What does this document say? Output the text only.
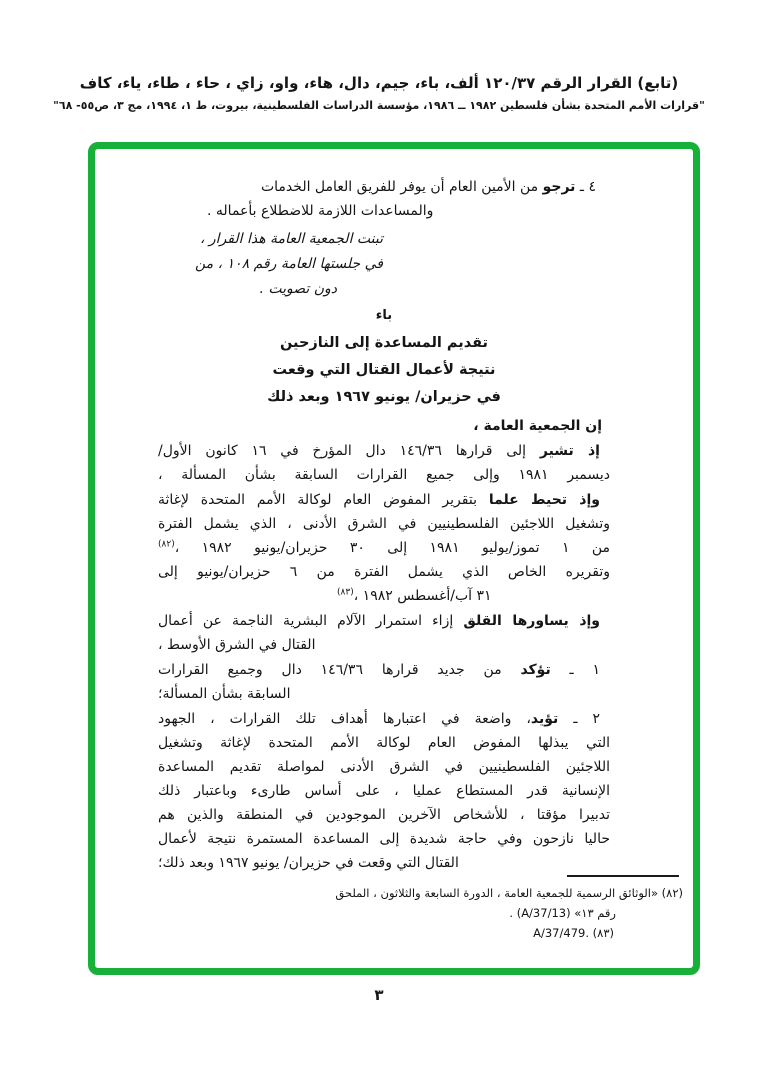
(تابع) القرار الرقم ١٢٠/٣٧ ألف، باء، جيم، دال، هاء، واو، زاي ، حاء ، طاء، ياء، كاف
"قرارات الأمم المتحدة بشأن فلسطين ١٩٨٢ ــ ١٩٨٦، مؤسسة الدراسات الفلسطينية، بيروت، ط ١، ١٩٩٤، مج ٣، ص٥٥- ٦٨"
٤ ـ ترجو من الأمين العام أن يوفر للفريق العامل الخدمات
والمساعدات اللازمة للاضطلاع بأعماله .
تبنت الجمعية العامة هذا القرار ،
في جلستها العامة رقم ١٠٨ ، من
دون تصويت .
باء
تقديم المساعدة إلى النازحين
نتيجة لأعمال القتال التي وقعت
في حزيران/ يونيو ١٩٦٧ وبعد ذلك
إن الجمعية العامة ،
إذ تشير إلى قرارها ١٤٦/٣٦ دال المؤرخ في ١٦ كانون الأول/
ديسمبر ١٩٨١ وإلى جميع القرارات السابقة بشأن المسألة ،
وإذ تحيط علما بتقرير المفوض العام لوكالة الأمم المتحدة لإغاثة
وتشغيل اللاجئين الفلسطينيين في الشرق الأدنى ، الذي يشمل الفترة
من ١ تموز/يوليو ١٩٨١ إلى ٣٠ حزيران/يونيو ١٩٨٢ ،$^{(٨٢)}$
وتقريره الخاص الذي يشمل الفترة من ٦ حزيران/يونيو إلى
٣١ آب/أغسطس ١٩٨٢ ،$^{(٨٣)}$
وإذ يساورها القلق إزاء استمرار الآلام البشرية الناجمة عن أعمال
القتال في الشرق الأوسط ،
١ ـ تؤكد من جديد قرارها ١٤٦/٣٦ دال وجميع القرارات
السابقة بشأن المسألة؛
٢ ـ تؤيد، واضعة في اعتبارها أهداف تلك القرارات ، الجهود
التي يبذلها المفوض العام لوكالة الأمم المتحدة لإغاثة وتشغيل
اللاجئين الفلسطينيين في الشرق الأدنى لمواصلة تقديم المساعدة
الإنسانية قدر المستطاع عمليا ، على أساس طارىء وباعتبار ذلك
تدبيرا مؤقتا ، للأشخاص الآخرين الموجودين في المنطقة والذين هم
حاليا نازحون وفي حاجة شديدة إلى المساعدة المستمرة نتيجة لأعمال
القتال التي وقعت في حزيران/ يونيو ١٩٦٧ وبعد ذلك؛
(٨٢) «الوثائق الرسمية للجمعية العامة ، الدورة السابعة والثلاثون ، الملحق
رقم ١٣» (A/37/13) .
(٨٣) A/37/479.
٣
